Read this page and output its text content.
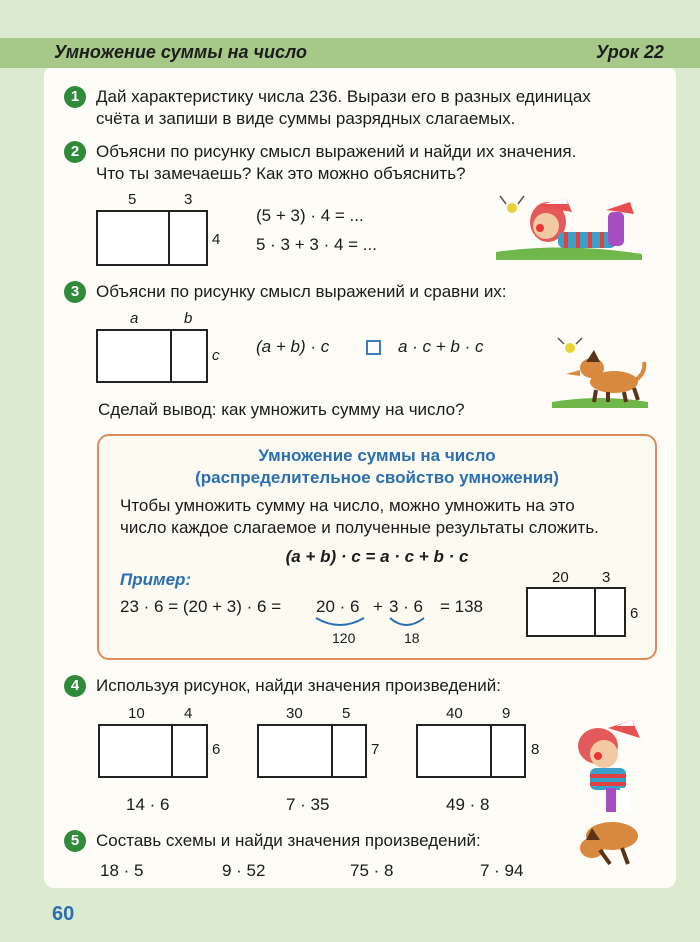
Умножение суммы на число	Урок 22
1 Дай характеристику числа 236. Вырази его в разных единицах
счёта и запиши в виде суммы разрядных слагаемых.
2 Объясни по рисунку смысл выражений и найди их значения.
Что ты замечаешь? Как это можно объяснить?
5	3
4
(5 + 3) · 4 = ...
5 · 3 + 3 · 4 = ...
3 Объясни по рисунку смысл выражений и сравни их:
a	b
c (a + b) · c	a · c + b · c
Сделай вывод: как умножить сумму на число?
Умножение суммы на число
(распределительное свойство умножения)
Чтобы умножить сумму на число, можно умножить на это
число каждое слагаемое и полученные результаты сложить.
(a + b) · c = a · c + b · c
Пример:
23 · 6 = (20 + 3) · 6 = 20 · 6 + 3 · 6 = 138
120	18
20 3
6
4 Используя рисунок, найди значения произведений:
10	4
6
14 · 6
30	5
7
7 · 35
40	9
8
49 · 8
5 Составь схемы и найди значения произведений:
18 · 5	9 · 52	75 · 8	7 · 94
60
